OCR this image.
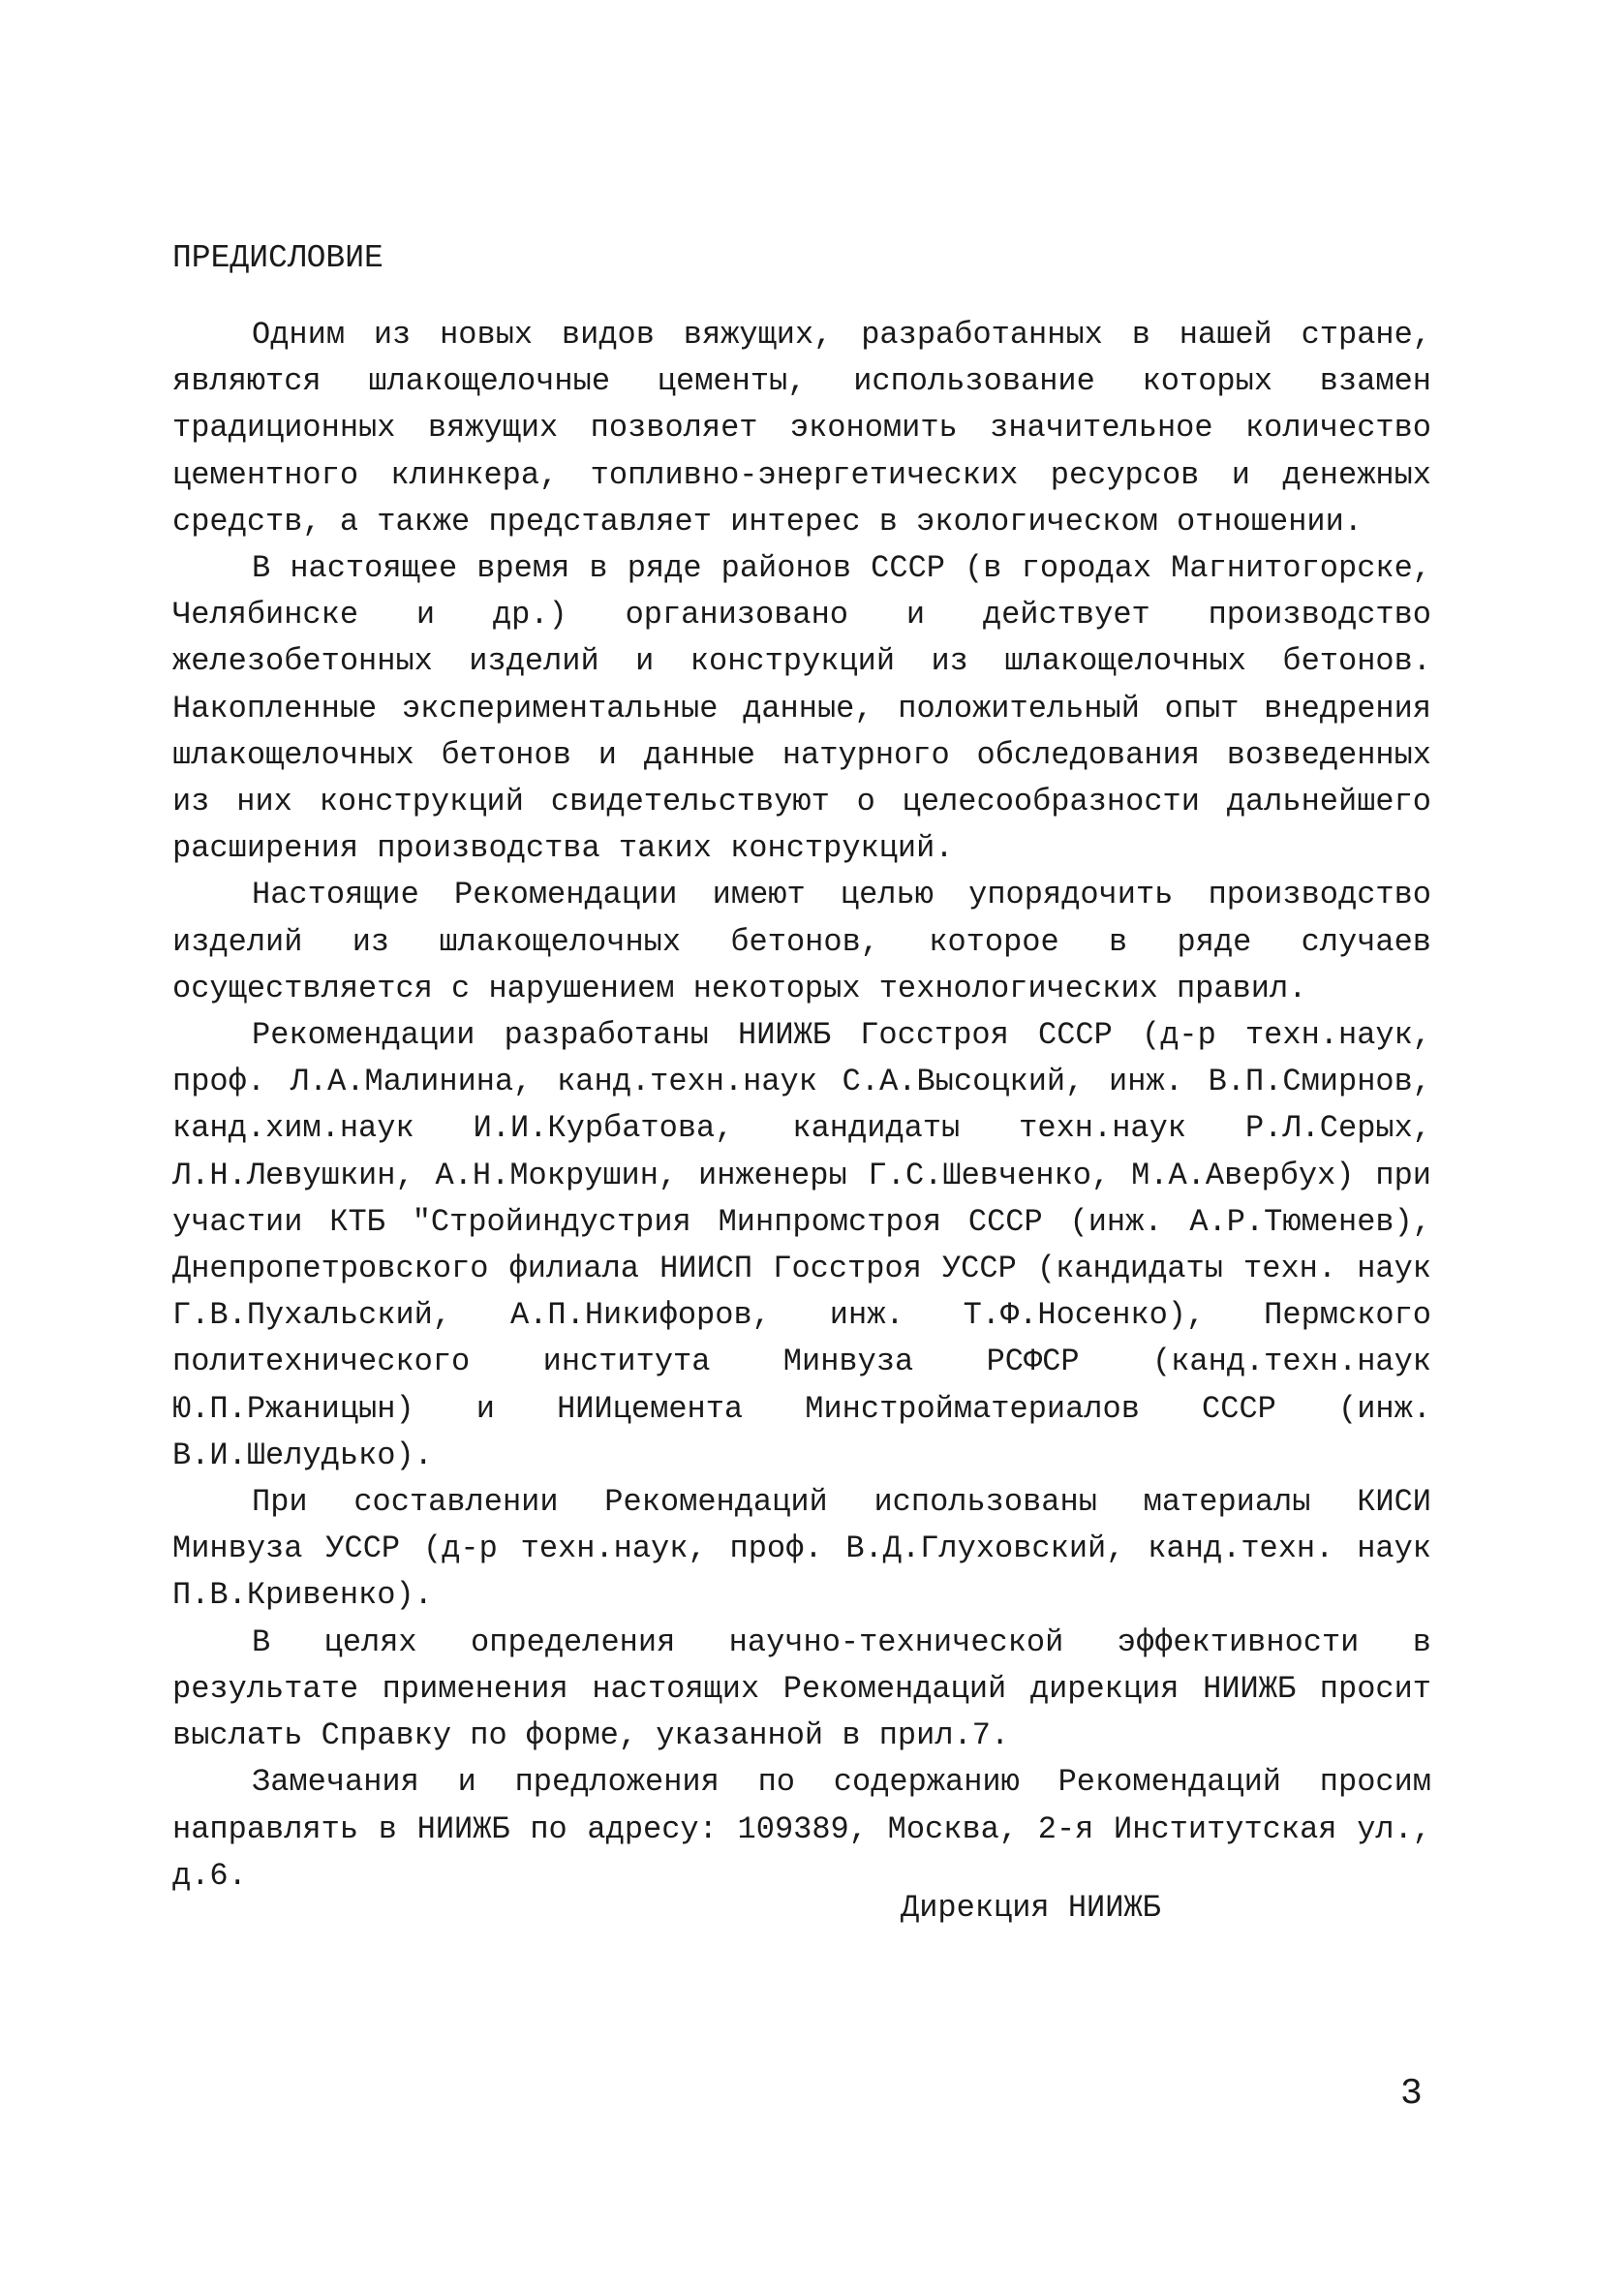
ПРЕДИСЛОВИЕ

Одним из новых видов вяжущих, разработанных в нашей стране, являются шлакощелочные цементы, использование которых взамен традиционных вяжущих позволяет экономить значительное количество цементного клинкера, топливно-энергетических ресурсов и денежных средств, а также представляет интерес в экологическом отношении.

В настоящее время в ряде районов СССР (в городах Магнитогорске, Челябинске и др.) организовано и действует производство железобетонных изделий и конструкций из шлакощелочных бетонов. Накопленные экспериментальные данные, положительный опыт внедрения шлакощелочных бетонов и данные натурного обследования возведенных из них конструкций свидетельствуют о целесообразности дальнейшего расширения производства таких конструкций.

Настоящие Рекомендации имеют целью упорядочить производство изделий из шлакощелочных бетонов, которое в ряде случаев осуществляется с нарушением некоторых технологических правил.

Рекомендации разработаны НИИЖБ Госстроя СССР (д-р техн.наук, проф. Л.А.Малинина, канд.техн.наук С.А.Высоцкий, инж. В.П.Смирнов, канд.хим.наук И.И.Курбатова, кандидаты техн.наук Р.Л.Серых, Л.Н.Левушкин, А.Н.Мокрушин, инженеры Г.С.Шевченко, М.А.Авербух) при участии КТБ "Стройиндустрия Минпромстроя СССР (инж. А.Р.Тюменев), Днепропетровского филиала НИИСП Госстроя УССР (кандидаты техн. наук Г.В.Пухальский, А.П.Никифоров, инж. Т.Ф.Носенко), Пермского политехнического института Минвуза РСФСР (канд.техн.наук Ю.П.Ржаницын) и НИИцемента Минстройматериалов СССР (инж. В.И.Шелудько).

При составлении Рекомендаций использованы материалы КИСИ Минвуза УССР (д-р техн.наук, проф. В.Д.Глуховский, канд.техн. наук П.В.Кривенко).

В целях определения научно-технической эффективности в результате применения настоящих Рекомендаций дирекция НИИЖБ просит выслать Справку по форме, указанной в прил.7.

Замечания и предложения по содержанию Рекомендаций просим направлять в НИИЖБ по адресу: 109389, Москва, 2-я Институтская ул., д.6.

Дирекция НИИЖБ
3
